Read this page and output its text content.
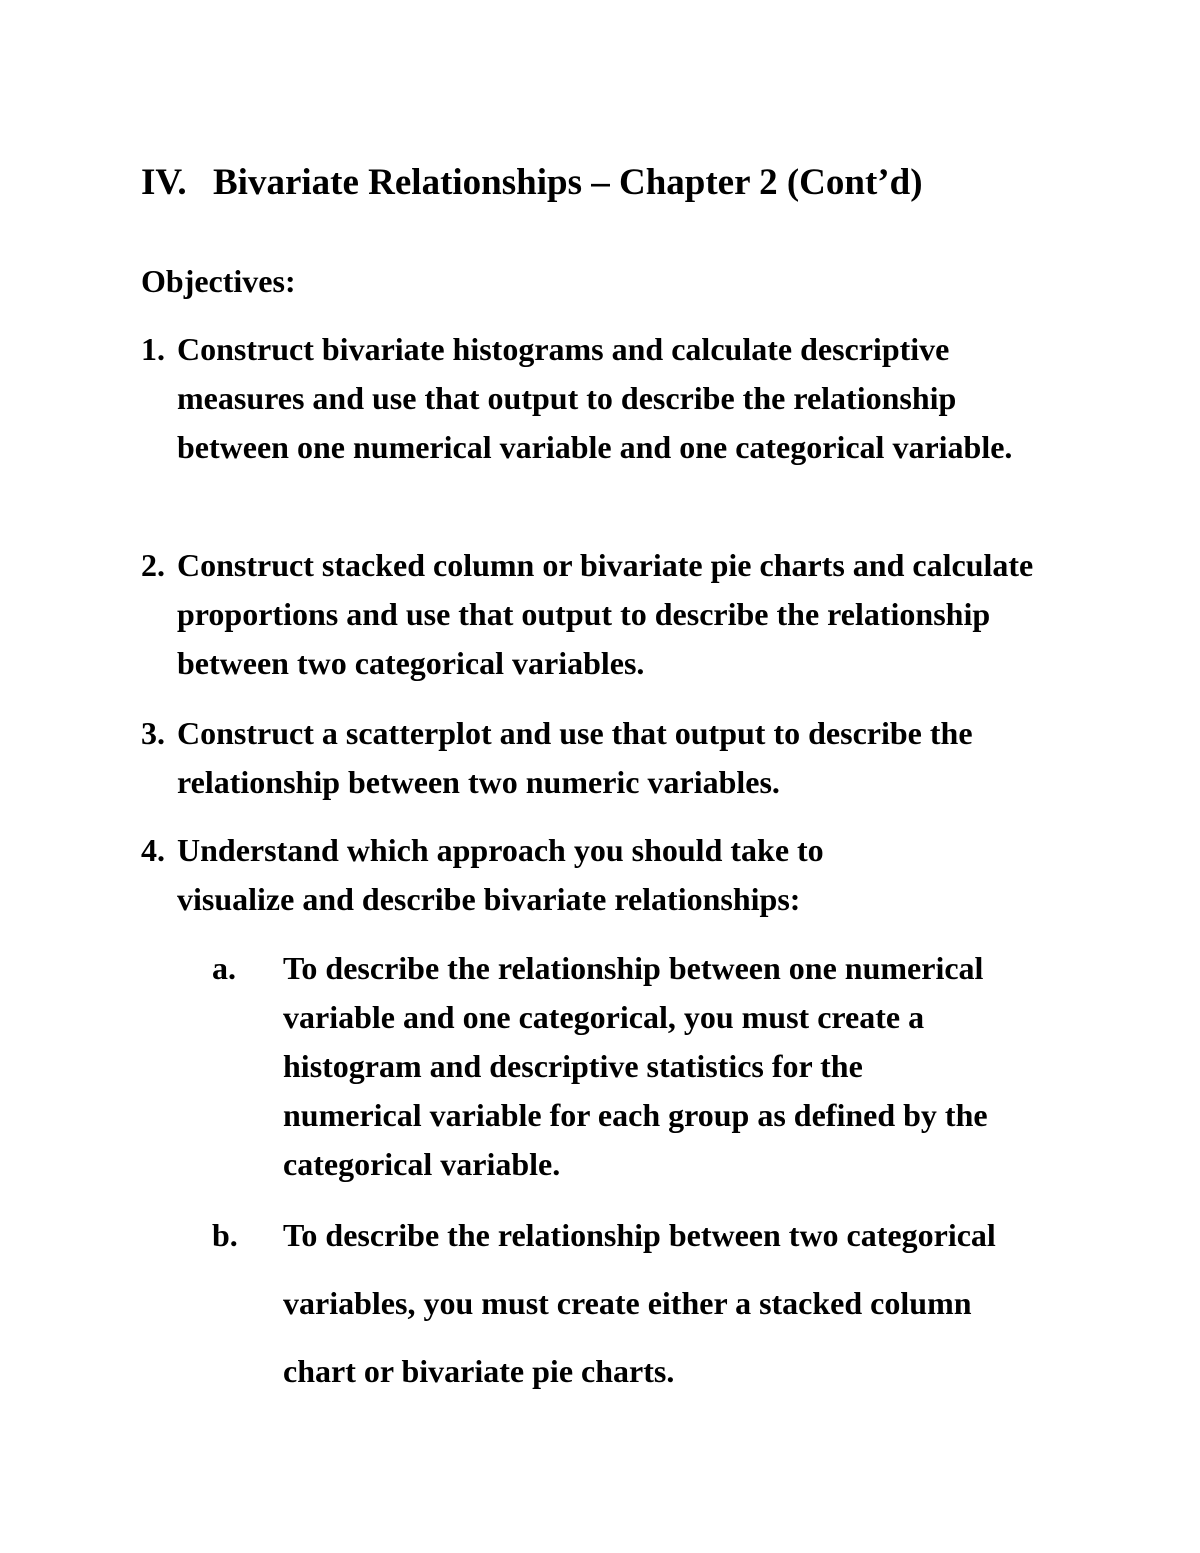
IV. Bivariate Relationships – Chapter 2 (Cont’d)
Objectives:
1. Construct bivariate histograms and calculate descriptive measures and use that output to describe the relationship between one numerical variable and one categorical variable.
2. Construct stacked column or bivariate pie charts and calculate proportions and use that output to describe the relationship between two categorical variables.
3. Construct a scatterplot and use that output to describe the relationship between two numeric variables.
4. Understand which approach you should take to visualize and describe bivariate relationships:
a. To describe the relationship between one numerical variable and one categorical, you must create a histogram and descriptive statistics for the numerical variable for each group as defined by the categorical variable.
b. To describe the relationship between two categorical variables, you must create either a stacked column chart or bivariate pie charts.
